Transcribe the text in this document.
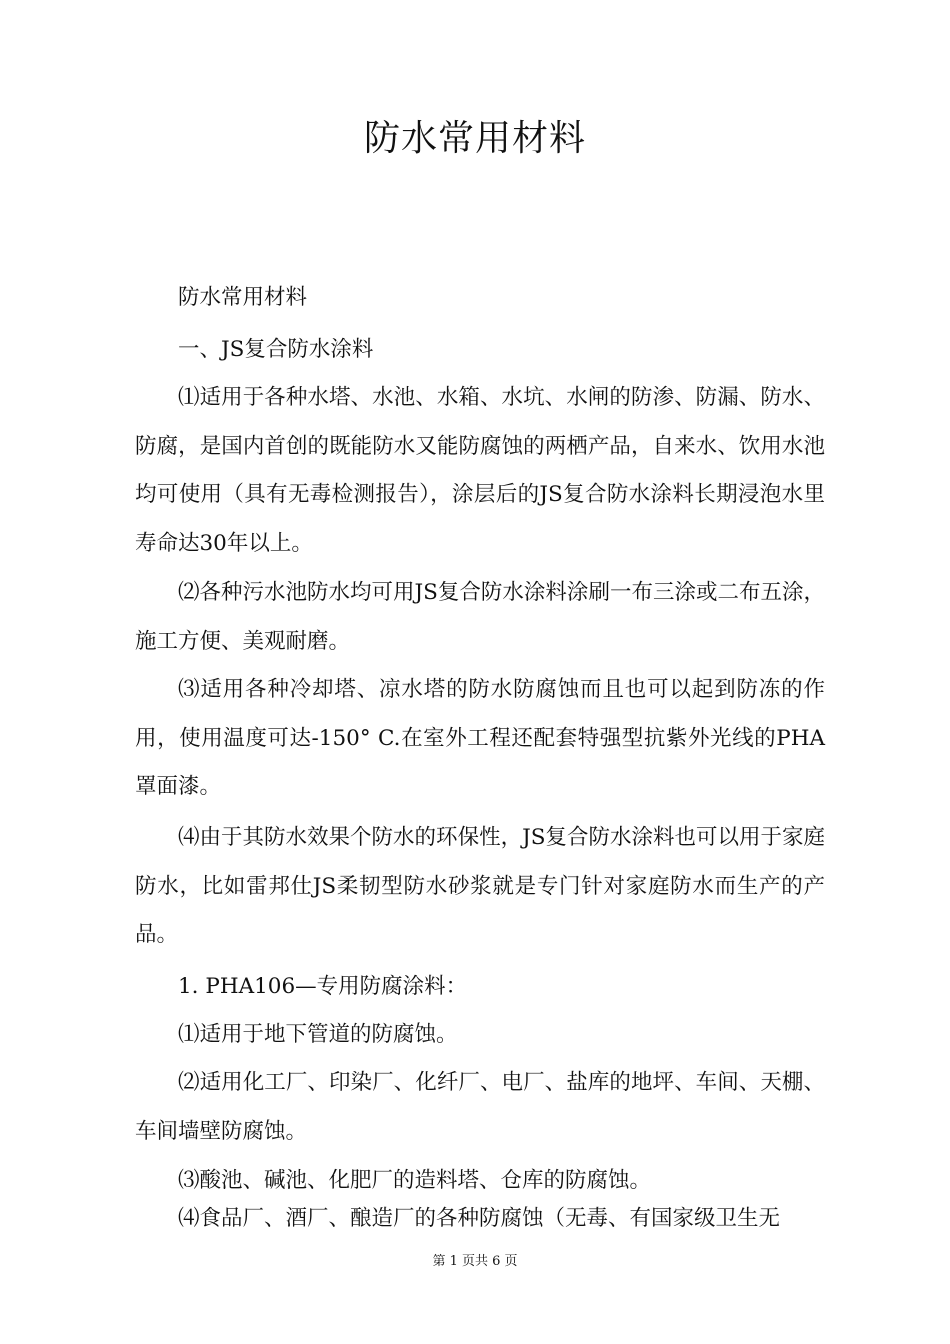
防水常用材料

防水常用材料

一、JS复合防水涂料

⑴适用于各种水塔、水池、水箱、水坑、水闸的防渗、防漏、防水、防腐，是国内首创的既能防水又能防腐蚀的两栖产品，自来水、饮用水池均可使用（具有无毒检测报告），涂层后的JS复合防水涂料长期浸泡水里寿命达30年以上。

⑵各种污水池防水均可用JS复合防水涂料涂刷一布三涂或二布五涂，施工方便、美观耐磨。

⑶适用各种冷却塔、凉水塔的防水防腐蚀而且也可以起到防冻的作用，使用温度可达-150° C.在室外工程还配套特强型抗紫外光线的PHA罩面漆。

⑷由于其防水效果个防水的环保性，JS复合防水涂料也可以用于家庭防水，比如雷邦仕JS柔韧型防水砂浆就是专门针对家庭防水而生产的产品。

1. PHA106—专用防腐涂料：

⑴适用于地下管道的防腐蚀。

⑵适用化工厂、印染厂、化纤厂、电厂、盐库的地坪、车间、天棚、车间墙壁防腐蚀。

⑶酸池、碱池、化肥厂的造料塔、仓库的防腐蚀。

⑷食品厂、酒厂、酿造厂的各种防腐蚀（无毒、有国家级卫生无

第 1 页共 6 页
